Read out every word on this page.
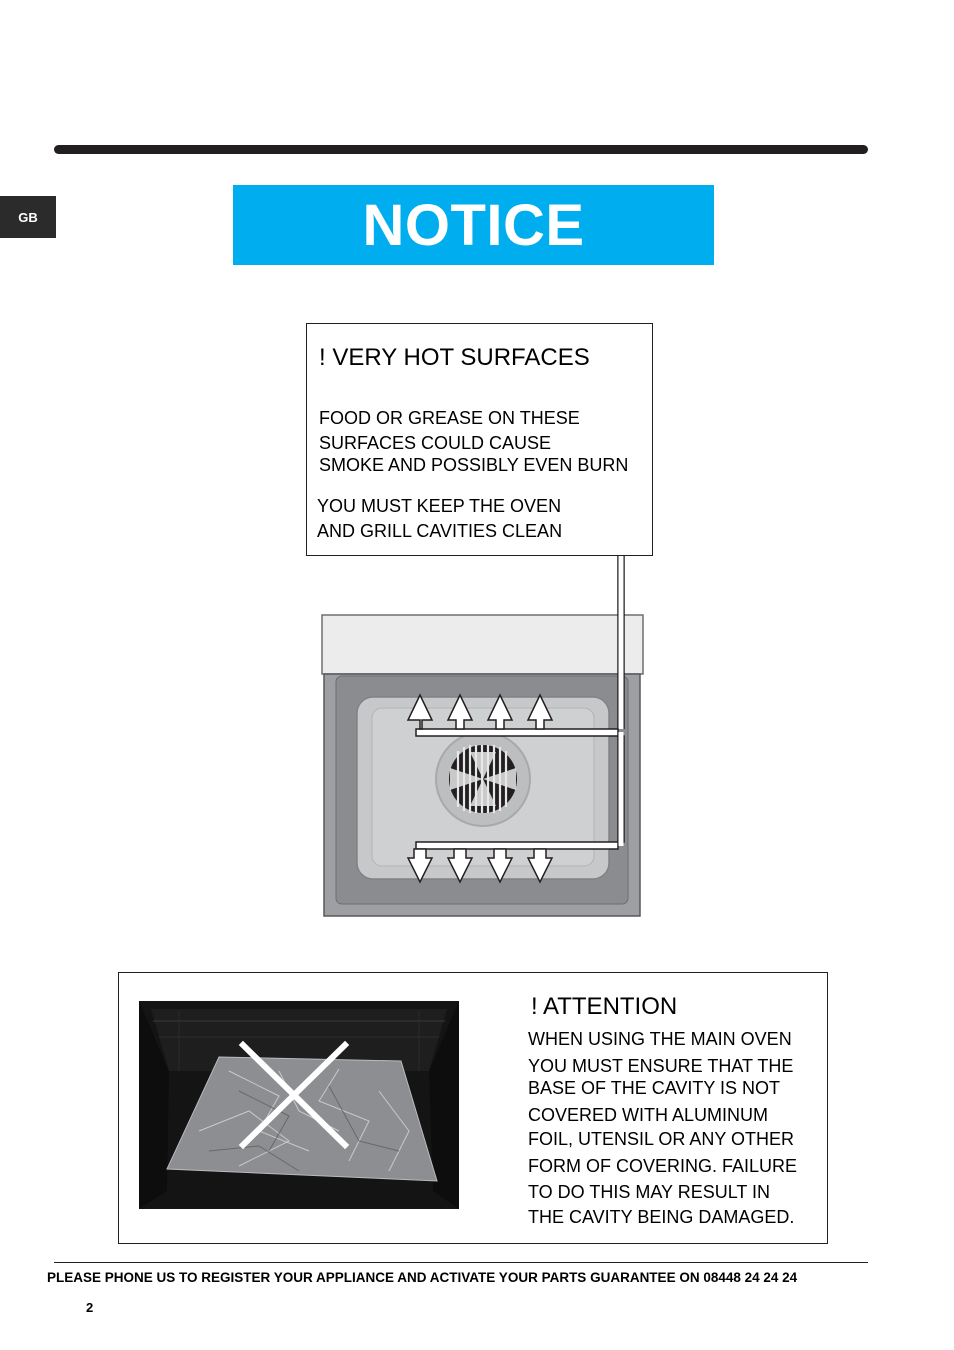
GB	NOTICE
! VERY HOT SURFACES
FOOD OR GREASE ON THESE
SURFACES COULD CAUSE
SMOKE AND POSSIBLY EVEN BURN
YOU MUST KEEP THE OVEN
AND GRILL CAVITIES CLEAN
! ATTENTION
WHEN USING THE MAIN OVEN
YOU MUST ENSURE THAT THE
BASE OF THE CAVITY IS NOT
COVERED WITH ALUMINUM
FOIL, UTENSIL OR ANY OTHER
FORM OF COVERING. FAILURE
TO DO THIS MAY RESULT IN
THE CAVITY BEING DAMAGED.
PLEASE PHONE US TO REGISTER YOUR APPLIANCE AND ACTIVATE YOUR PARTS GUARANTEE ON 08448 24 24 24
2
